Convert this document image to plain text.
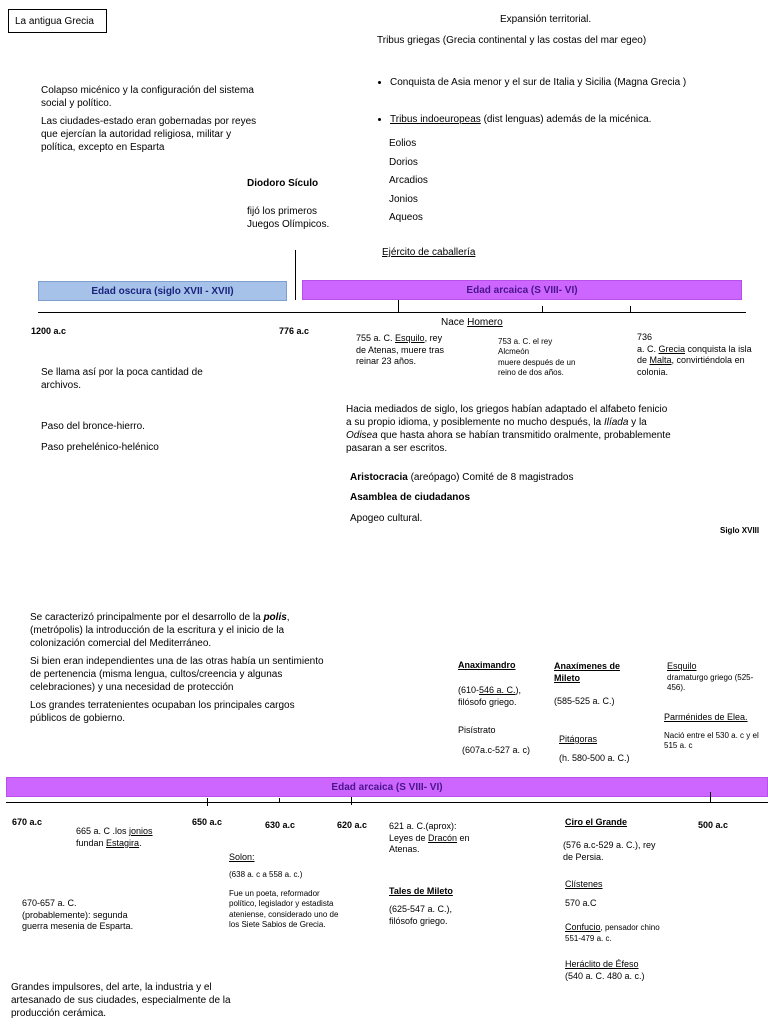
La antigua Grecia	Expansión territorial.
Tribus griegas (Grecia continental y las costas del mar egeo)
• Conquista de Asia menor y el sur de Italia y Sicilia (Magna Grecia )
• Tribus indoeuropeas (dist lenguas) además de la micénica.
Eolios
Dorios
Arcadios
Jonios
Aqueos
Ejército de caballería

Colapso micénico y la configuración del sistema social y político.

Las ciudades-estado eran gobernadas por reyes que ejercían la autoridad religiosa, militar y política, excepto en Esparta

Diodoro Sículo
fijó los primeros Juegos Olímpicos.
Edad oscura (siglo XVII - XVII)	Edad arcaica (S VIII- VI)
1200 a.c	776 a.c
Nace Homero
755 a. C. Esquilo, rey de Atenas, muere tras reinar 23 años.
753 a. C. el rey
Alcmeón
muere después de un reino de dos años.
736
a. C. Grecia conquista la isla de Malta, convirtiéndola en colonia.
Se llama así por la poca cantidad de archivos.
Paso del bronce-hierro.
Paso prehelénico-helénico
Hacia mediados de siglo, los griegos habían adaptado el alfabeto fenicio a su propio idioma, y posiblemente no mucho después, la Ilíada y la Odisea que hasta ahora se habían transmitido oralmente, probablemente pasaran a ser escritos.
Aristocracia (areópago) Comité de 8 magistrados
Asamblea de ciudadanos
Apogeo cultural.
Siglo XVIII

Se caracterizó principalmente por el desarrollo de la polis,(metrópolis) la introducción de la escritura y el inicio de la colonización comercial del Mediterráneo.

Si bien eran independientes una de las otras había un sentimiento de pertenencia (misma lengua, cultos/creencia y algunas celebraciones) y una necesidad de protección

Los grandes terratenientes ocupaban los principales cargos públicos de gobierno.

Anaximandro
(610-546 a. C.), filósofo griego.
Pisístrato
(607a.c-527 a. c)
Anaxímenes de Mileto
(585-525 a. C.)
Pitágoras
(h. 580-500 a. C.)
Esquilo
dramaturgo griego (525-456).
Parménides de Elea.
Nació entre el 530 a. c y el 515 a. c
Edad arcaica (S VIII- VI)
670 a.c	650 a.c	630 a.c	620 a.c	500 a.c
665 a. C .los jonios fundan Estagira.
670-657 a. C. (probablemente): segunda guerra mesenia de Esparta.
Solon:
(638 a. c a 558 a. c.)
Fue un poeta, reformador político, legislador y estadista ateniense, considerado uno de los Siete Sabios de Grecia.
621 a. C.(aprox): Leyes de Dracón en Atenas.
Tales de Mileto
(625-547 a. C.), filósofo griego.
Ciro el Grande
(576 a.c-529 a. C.), rey de Persia.
Clístenes
570 a.C
Confucio, pensador chino 551-479 a. c.
Heráclito de Éfeso
(540 a. C. 480 a. c.)
Grandes impulsores, del arte, la industria y el artesanado de sus ciudades, especialmente de la producción cerámica.
